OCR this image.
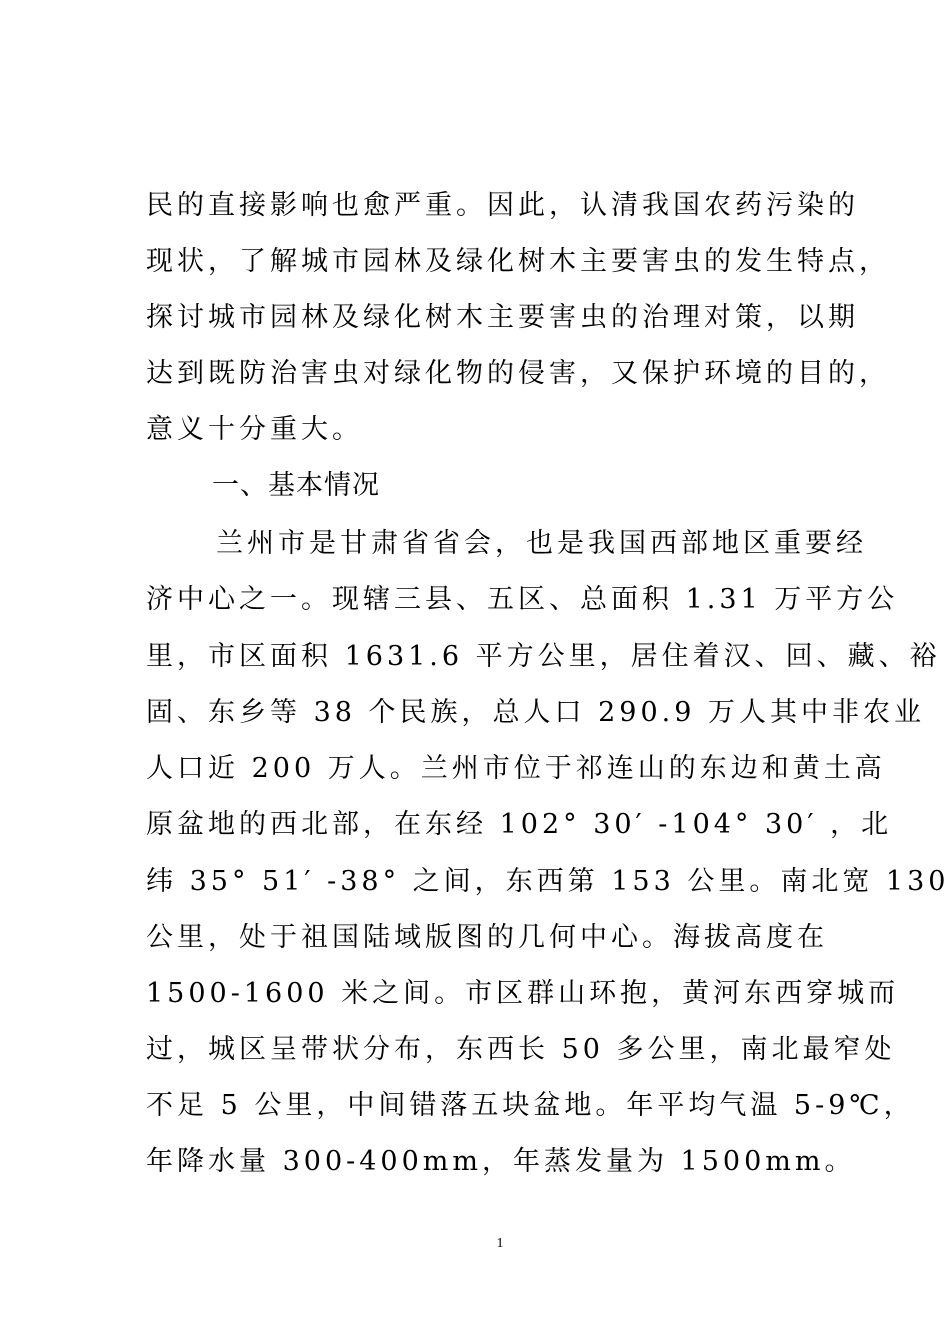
民的直接影响也愈严重。因此，认清我国农药污染的
现状，了解城市园林及绿化树木主要害虫的发生特点，
探讨城市园林及绿化树木主要害虫的治理对策，以期
达到既防治害虫对绿化物的侵害，又保护环境的目的，
意义十分重大。
一、基本情况
兰州市是甘肃省省会，也是我国西部地区重要经
济中心之一。现辖三县、五区、总面积 1.31 万平方公
里，市区面积 1631.6 平方公里，居住着汉、回、藏、裕
固、东乡等 38 个民族，总人口 290.9 万人其中非农业
人口近 200 万人。兰州市位于祁连山的东边和黄土高
原盆地的西北部，在东经 102° 30′ -104° 30′ ，北
纬 35° 51′ -38° 之间，东西第 153 公里。南北宽 130
公里，处于祖国陆域版图的几何中心。海拔高度在
1500-1600 米之间。市区群山环抱，黄河东西穿城而
过，城区呈带状分布，东西长 50 多公里，南北最窄处
不足 5 公里，中间错落五块盆地。年平均气温 5-9℃，
年降水量 300-400mm，年蒸发量为 1500mm。
1
